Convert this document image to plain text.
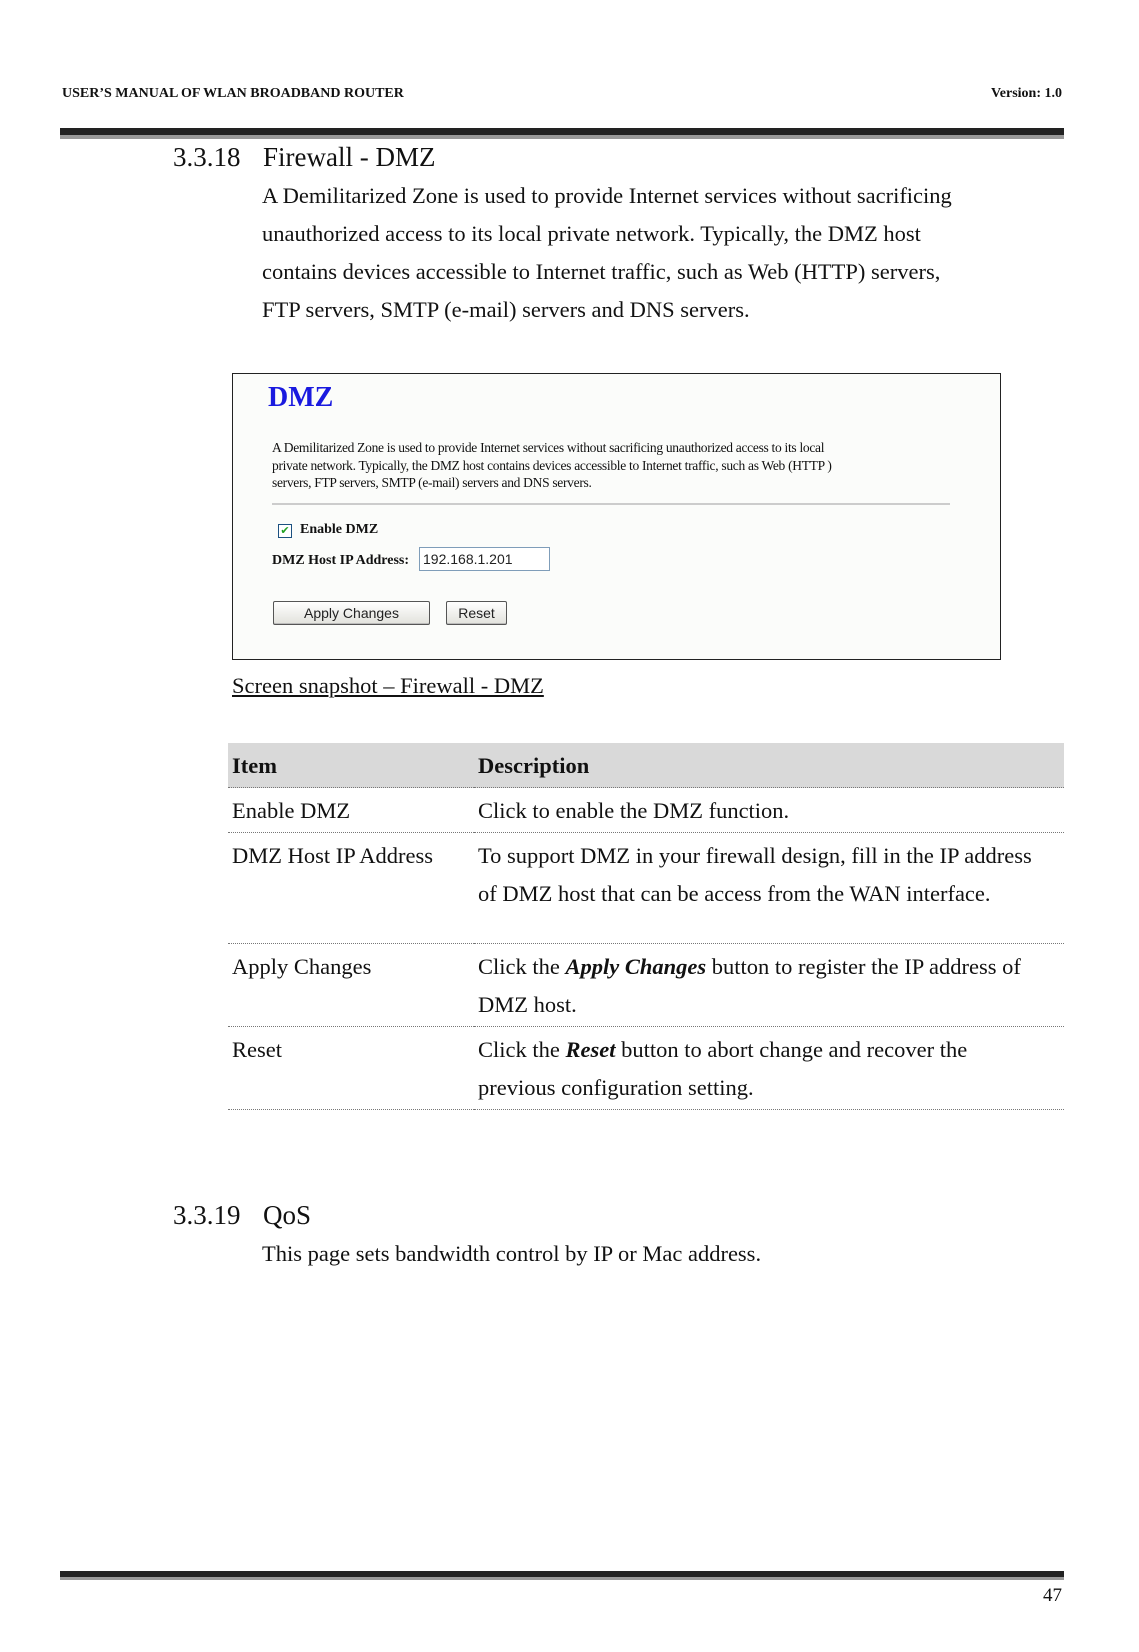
USER’S MANUAL OF WLAN BROADBAND ROUTER	Version: 1.0
3.3.18 Firewall - DMZ
A Demilitarized Zone is used to provide Internet services without sacrificing
unauthorized access to its local private network. Typically, the DMZ host
contains devices accessible to Internet traffic, such as Web (HTTP) servers,
FTP servers, SMTP (e-mail) servers and DNS servers.
DMZ
A Demilitarized Zone is used to provide Internet services without sacrificing unauthorized access to its local
private network. Typically, the DMZ host contains devices accessible to Internet traffic, such as Web (HTTP )
servers, FTP servers, SMTP (e-mail) servers and DNS servers.
✔ Enable DMZ
DMZ Host IP Address: 192.168.1.201
Apply Changes	Reset
Screen snapshot – Firewall - DMZ
Item	Description
Enable DMZ	Click to enable the DMZ function.
DMZ Host IP Address	To support DMZ in your firewall design, fill in the IP address of DMZ host that can be access from the WAN interface.
Apply Changes	Click the Apply Changes button to register the IP address of DMZ host.
Reset	Click the Reset button to abort change and recover the previous configuration setting.
3.3.19 QoS
This page sets bandwidth control by IP or Mac address.
47
